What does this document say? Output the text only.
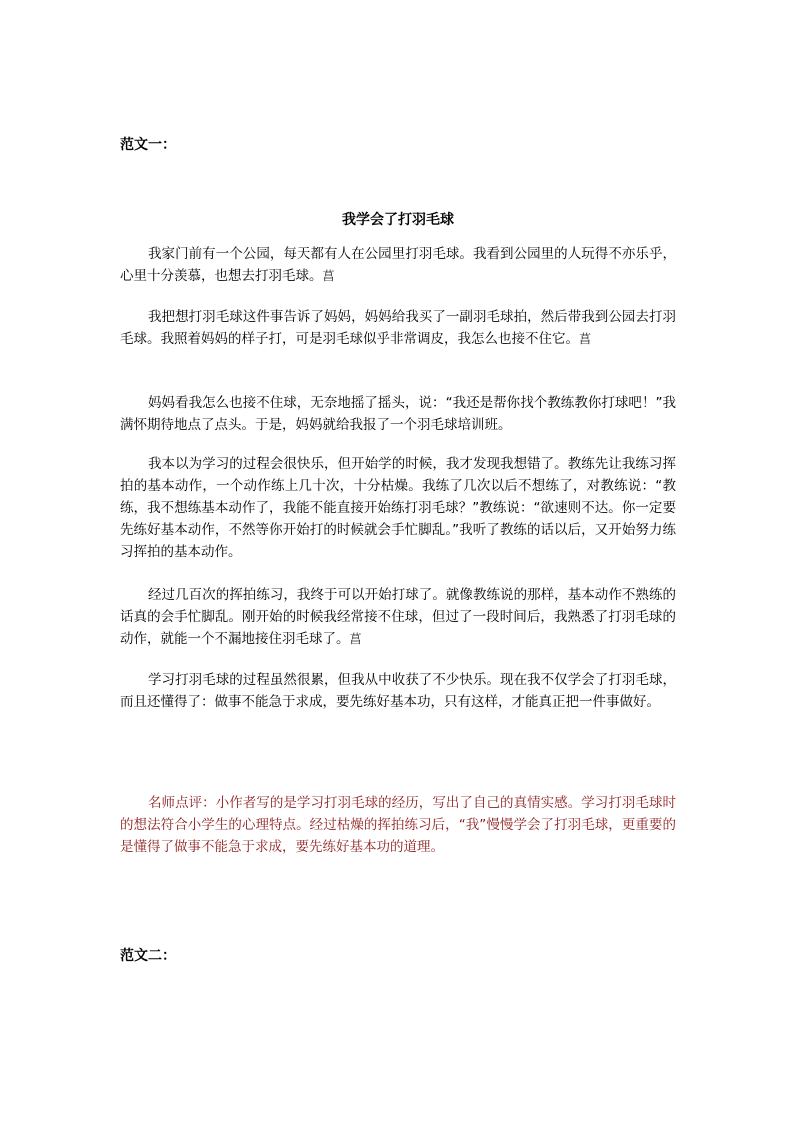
范文一：

我学会了打羽毛球

我家门前有一个公园，每天都有人在公园里打羽毛球。我看到公园里的人玩得不亦乐乎，心里十分羡慕，也想去打羽毛球。菖

我把想打羽毛球这件事告诉了妈妈，妈妈给我买了一副羽毛球拍，然后带我到公园去打羽毛球。我照着妈妈的样子打，可是羽毛球似乎非常调皮，我怎么也接不住它。菖

妈妈看我怎么也接不住球，无奈地摇了摇头，说：“我还是帮你找个教练教你打球吧！”我满怀期待地点了点头。于是，妈妈就给我报了一个羽毛球培训班。

我本以为学习的过程会很快乐，但开始学的时候，我才发现我想错了。教练先让我练习挥拍的基本动作，一个动作练上几十次，十分枯燥。我练了几次以后不想练了，对教练说：“教练，我不想练基本动作了，我能不能直接开始练打羽毛球？”教练说：“欲速则不达。你一定要先练好基本动作，不然等你开始打的时候就会手忙脚乱。”我听了教练的话以后，又开始努力练习挥拍的基本动作。

经过几百次的挥拍练习，我终于可以开始打球了。就像教练说的那样，基本动作不熟练的话真的会手忙脚乱。刚开始的时候我经常接不住球，但过了一段时间后，我熟悉了打羽毛球的动作，就能一个不漏地接住羽毛球了。菖

学习打羽毛球的过程虽然很累，但我从中收获了不少快乐。现在我不仅学会了打羽毛球，而且还懂得了：做事不能急于求成，要先练好基本功，只有这样，才能真正把一件事做好。

名师点评：小作者写的是学习打羽毛球的经历，写出了自己的真情实感。学习打羽毛球时的想法符合小学生的心理特点。经过枯燥的挥拍练习后，“我”慢慢学会了打羽毛球，更重要的是懂得了做事不能急于求成，要先练好基本功的道理。

范文二：
